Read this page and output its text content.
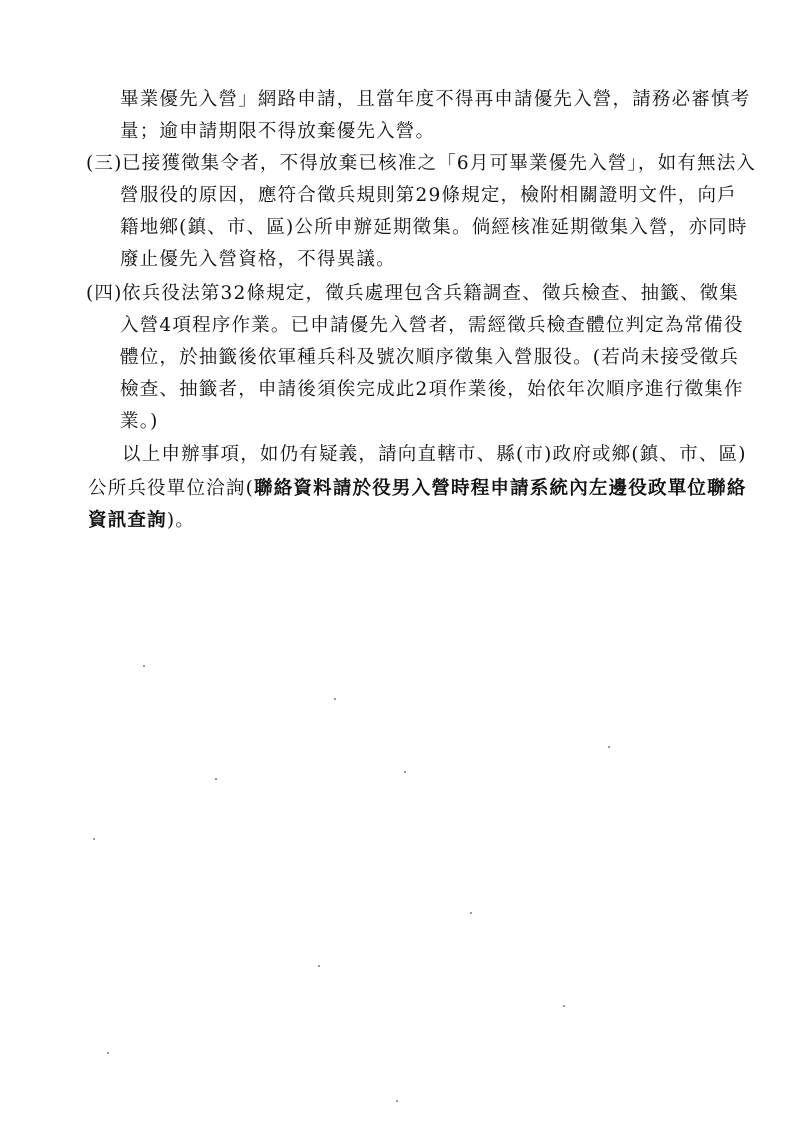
畢業優先入營」網路申請，且當年度不得再申請優先入營，請務必審慎考
量；逾申請期限不得放棄優先入營。
(三) 已接獲徵集令者，不得放棄已核准之「6月可畢業優先入營」，如有無法入
營服役的原因，應符合徵兵規則第29條規定，檢附相關證明文件，向戶
籍地鄉(鎮、市、區)公所申辦延期徵集。倘經核准延期徵集入營，亦同時
廢止優先入營資格，不得異議。
(四) 依兵役法第32條規定，徵兵處理包含兵籍調查、徵兵檢查、抽籤、徵集
入營4項程序作業。已申請優先入營者，需經徵兵檢查體位判定為常備役
體位，於抽籤後依軍種兵科及號次順序徵集入營服役。(若尚未接受徵兵
檢查、抽籤者，申請後須俟完成此2項作業後，始依年次順序進行徵集作
業。)
以上申辦事項，如仍有疑義，請向直轄市、縣(市)政府或鄉(鎮、市、區)
公所兵役單位洽詢(聯絡資料請於役男入營時程申請系統內左邊役政單位聯絡
資訊查詢)。
